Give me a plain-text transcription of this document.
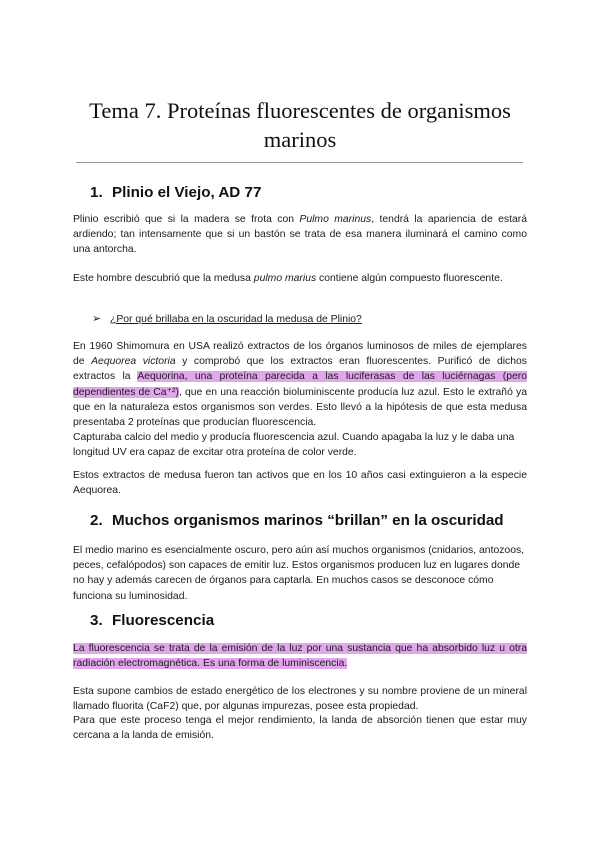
Tema 7. Proteínas fluorescentes de organismos
marinos
1. Plinio el Viejo, AD 77

Plinio escribió que si la madera se frota con Pulmo marinus, tendrá la apariencia de estará ardiendo; tan intensamente que si un bastón se trata de esa manera iluminará el camino como una antorcha.

Este hombre descubrió que la medusa pulmo marius contiene algún compuesto fluorescente.

➢ ¿Por qué brillaba en la oscuridad la medusa de Plinio?

En 1960 Shimomura en USA realizó extractos de los órganos luminosos de miles de ejemplares de Aequorea victoria y comprobó que los extractos eran fluorescentes. Purificó de dichos extractos la Aequorina, una proteína parecida a las luciferasas de las luciérnagas (pero dependientes de Ca⁺²), que en una reacción bioluminiscente producía luz azul. Esto le extrañó ya que en la naturaleza estos organismos son verdes. Esto llevó a la hipótesis de que esta medusa presentaba 2 proteínas que producían fluorescencia.

Capturaba calcio del medio y producía fluorescencia azul. Cuando apagaba la luz y le daba una longitud UV era capaz de excitar otra proteína de color verde.

Estos extractos de medusa fueron tan activos que en los 10 años casi extinguieron a la especie Aequorea.

2. Muchos organismos marinos “brillan” en la oscuridad

El medio marino es esencialmente oscuro, pero aún así muchos organismos (cnidarios, antozoos, peces, cefalópodos) son capaces de emitir luz. Estos organismos producen luz en lugares donde no hay y además carecen de órganos para captarla. En muchos casos se desconoce cómo funciona su luminosidad.

3. Fluorescencia

La fluorescencia se trata de la emisión de la luz por una sustancia que ha absorbido luz u otra radiación electromagnética. Es una forma de luminiscencia.

Esta supone cambios de estado energético de los electrones y su nombre proviene de un mineral llamado fluorita (CaF2) que, por algunas impurezas, posee esta propiedad.

Para que este proceso tenga el mejor rendimiento, la landa de absorción tienen que estar muy cercana a la landa de emisión.
